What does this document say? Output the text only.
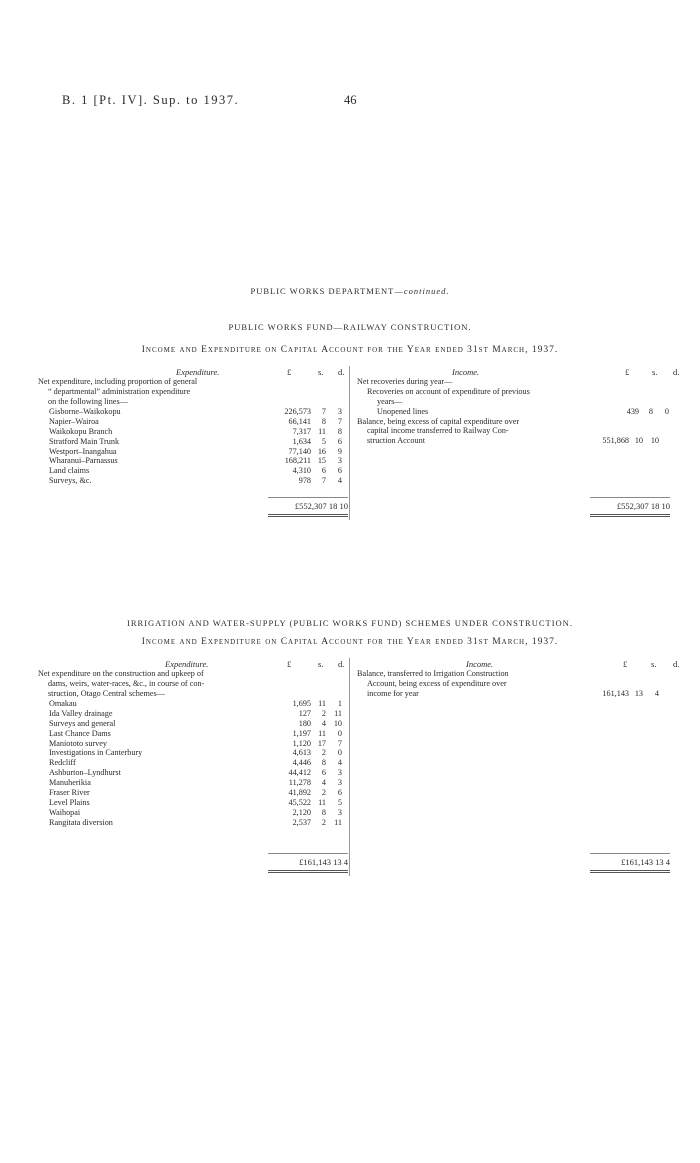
B. 1 [Pt. IV]. Sup. to 1937.	46
PUBLIC WORKS DEPARTMENT—continued.
PUBLIC WORKS FUND—RAILWAY CONSTRUCTION.
Income and Expenditure on Capital Account for the Year ended 31st March, 1937.
Expenditure.	£	s. d.	Income.	£	s. d.
Net expenditure, including proportion of general
“ departmental” administration expenditure
on the following lines—
Gisborne–Waikokopu	226,573	7	3
Napier–Wairoa	66,141	8	7
Waikokopu Branch	7,317 11	8
Stratford Main Trunk	1,634	5	6
Westport–Inangahua	77,140 16	9
Wharanui–Parnassus	168,211 15	3
Land claims	4,310	6	6
Surveys, &c.	978	7	4
£552,307 18 10
Net recoveries during year—
Recoveries on account of expenditure of previous
years—
Unopened lines	439	8	0
Balance, being excess of capital expenditure over
capital income transferred to Railway Con-
struction Account	551,868 10 10
£552,307 18 10
IRRIGATION AND WATER-SUPPLY (PUBLIC WORKS FUND) SCHEMES UNDER CONSTRUCTION.
Income and Expenditure on Capital Account for the Year ended 31st March, 1937.
Expenditure.	£	s. d.	Income.	£	s. d.
Net expenditure on the construction and upkeep of
dams, weirs, water-races, &c., in course of con-
struction, Otago Central schemes—
Omakau	1,695 11	1
Ida Valley drainage	127	2 11
Surveys and general	180	4 10
Last Chance Dams	1,197 11	0
Maniototo survey	1,120 17	7
Investigations in Canterbury	4,613	2	0
Redcliff	4,446	8	4
Ashburton–Lyndhurst	44,412	6	3
Manuherikia	11,278	4	3
Fraser River	41,892	2	6
Level Plains	45,522 11	5
Waihopai	2,120	8	3
Rangitata diversion	2,537	2 11
£161,143 13 4
Balance, transferred to Irrigation Construction
Account, being excess of expenditure over
income for year	161,143 13	4
£161,143 13 4
